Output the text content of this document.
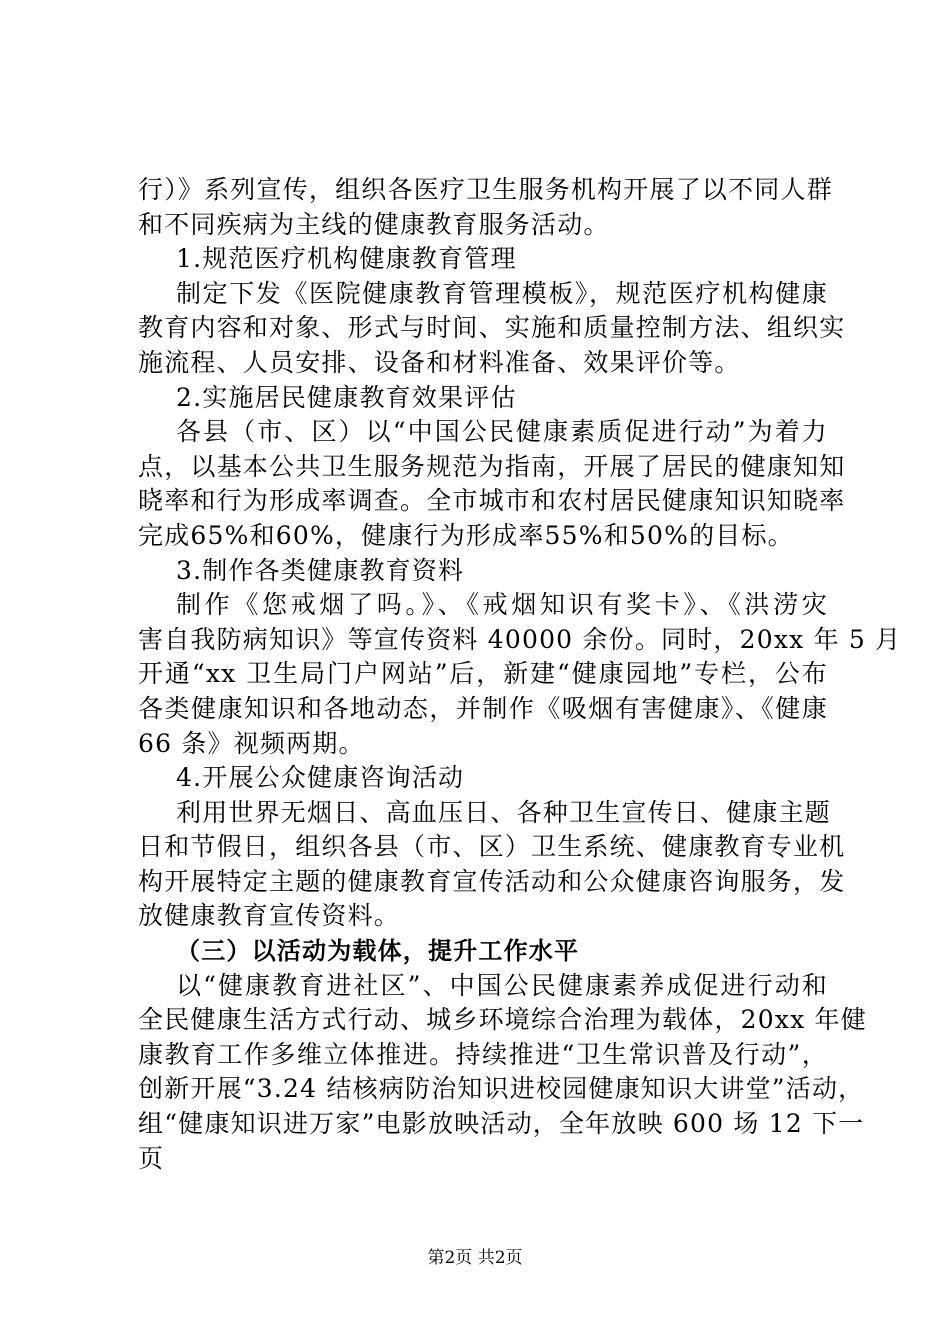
行）》系列宣传，组织各医疗卫生服务机构开展了以不同人群
和不同疾病为主线的健康教育服务活动。
1.规范医疗机构健康教育管理
制定下发《医院健康教育管理模板》，规范医疗机构健康
教育内容和对象、形式与时间、实施和质量控制方法、组织实
施流程、人员安排、设备和材料准备、效果评价等。
2.实施居民健康教育效果评估
各县（市、区）以“中国公民健康素质促进行动”为着力
点，以基本公共卫生服务规范为指南，开展了居民的健康知知
晓率和行为形成率调查。全市城市和农村居民健康知识知晓率
完成65%和60%，健康行为形成率55%和50%的目标。
3.制作各类健康教育资料
制作《您戒烟了吗。》、《戒烟知识有奖卡》、《洪涝灾
害自我防病知识》等宣传资料 40000 余份。同时，20xx 年 5 月
开通“xx 卫生局门户网站”后，新建“健康园地”专栏，公布
各类健康知识和各地动态，并制作《吸烟有害健康》、《健康
66 条》视频两期。
4.开展公众健康咨询活动
利用世界无烟日、高血压日、各种卫生宣传日、健康主题
日和节假日，组织各县（市、区）卫生系统、健康教育专业机
构开展特定主题的健康教育宣传活动和公众健康咨询服务，发
放健康教育宣传资料。
（三）以活动为载体，提升工作水平
以“健康教育进社区”、中国公民健康素养成促进行动和
全民健康生活方式行动、城乡环境综合治理为载体，20xx 年健
康教育工作多维立体推进。持续推进“卫生常识普及行动”，
创新开展“3.24 结核病防治知识进校园健康知识大讲堂”活动，
组“健康知识进万家”电影放映活动，全年放映 600 场 12 下一
页
第2页 共2页
